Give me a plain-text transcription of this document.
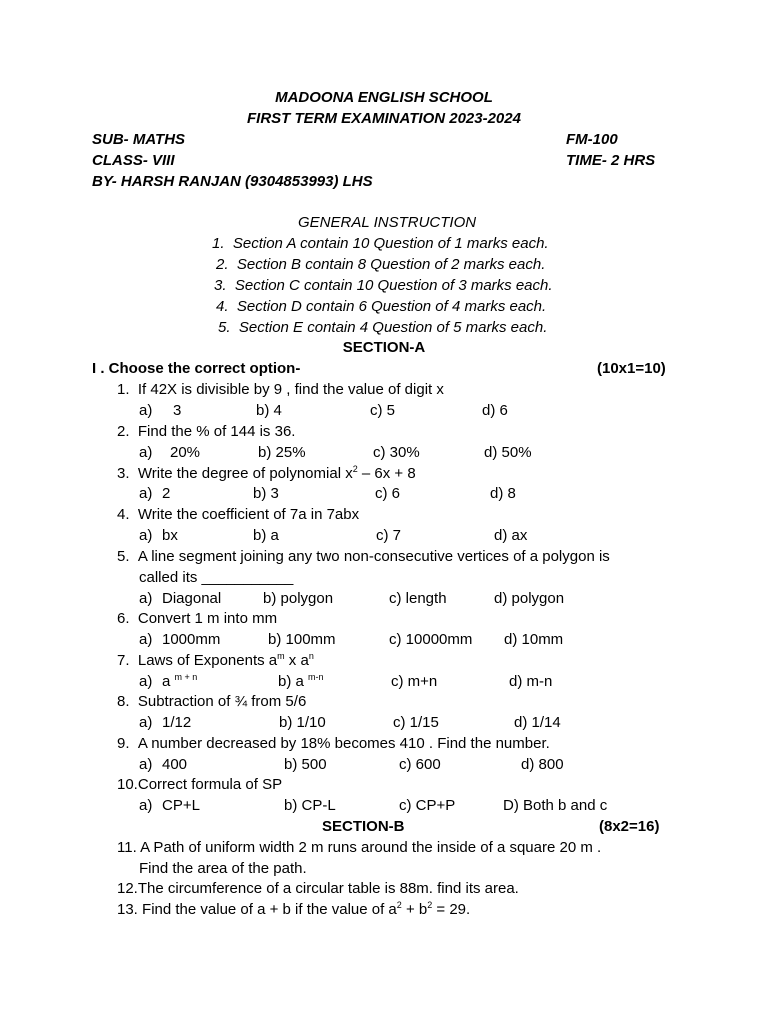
MADOONA ENGLISH SCHOOL
FIRST TERM EXAMINATION 2023-2024
SUB- MATHS	FM-100
CLASS- VIII	TIME- 2 HRS
BY- HARSH RANJAN (9304853993) LHS
GENERAL INSTRUCTION
1. Section A contain 10 Question of 1 marks each.
2. Section B contain 8 Question of 2 marks each.
3. Section C contain 10 Question of 3 marks each.
4. Section D contain 6 Question of 4 marks each.
5. Section E contain 4 Question of 5 marks each.
SECTION-A
I . Choose the correct option-	(10x1=10)
1. If 42X is divisible by 9 , find the value of digit x
a) 3	b) 4	c) 5	d) 6
2. Find the % of 144 is 36.
a) 20%	b) 25%	c) 30%	d) 50%
3. Write the degree of polynomial $x^2 - 6x + 8$
a) 2	b) 3	c) 6	d) 8
4. Write the coefficient of 7a in 7abx
a) bx	b) a	c) 7	d) ax
5. A line segment joining any two non-consecutive vertices of a polygon is
called its ___________
a) Diagonal	b) polygon	c) length	d) polygon
6. Convert 1 m into mm
a) 1000mm	b) 100mm	c) 10000mm d) 10mm
7. Laws of Exponents $a^m$ x $a^n$
a) a $^{m + n}$	b) a $^{m-n}$	c) m+n	d) m-n
8. Subtraction of ¾ from 5/6
a) 1/12	b) 1/10	c) 1/15	d) 1/14
9. A number decreased by 18% becomes 410 . Find the number.
a) 400	b) 500	c) 600	d) 800
10.Correct formula of SP
a) CP+L	b) CP-L	c) CP+P	D) Both b and c
SECTION-B	(8x2=16)
11. A Path of uniform width 2 m runs around the inside of a square 20 m .
Find the area of the path.
12.The circumference of a circular table is 88m. find its area.
13. Find the value of a + b if the value of $a^2 + b^2 = 29$.
